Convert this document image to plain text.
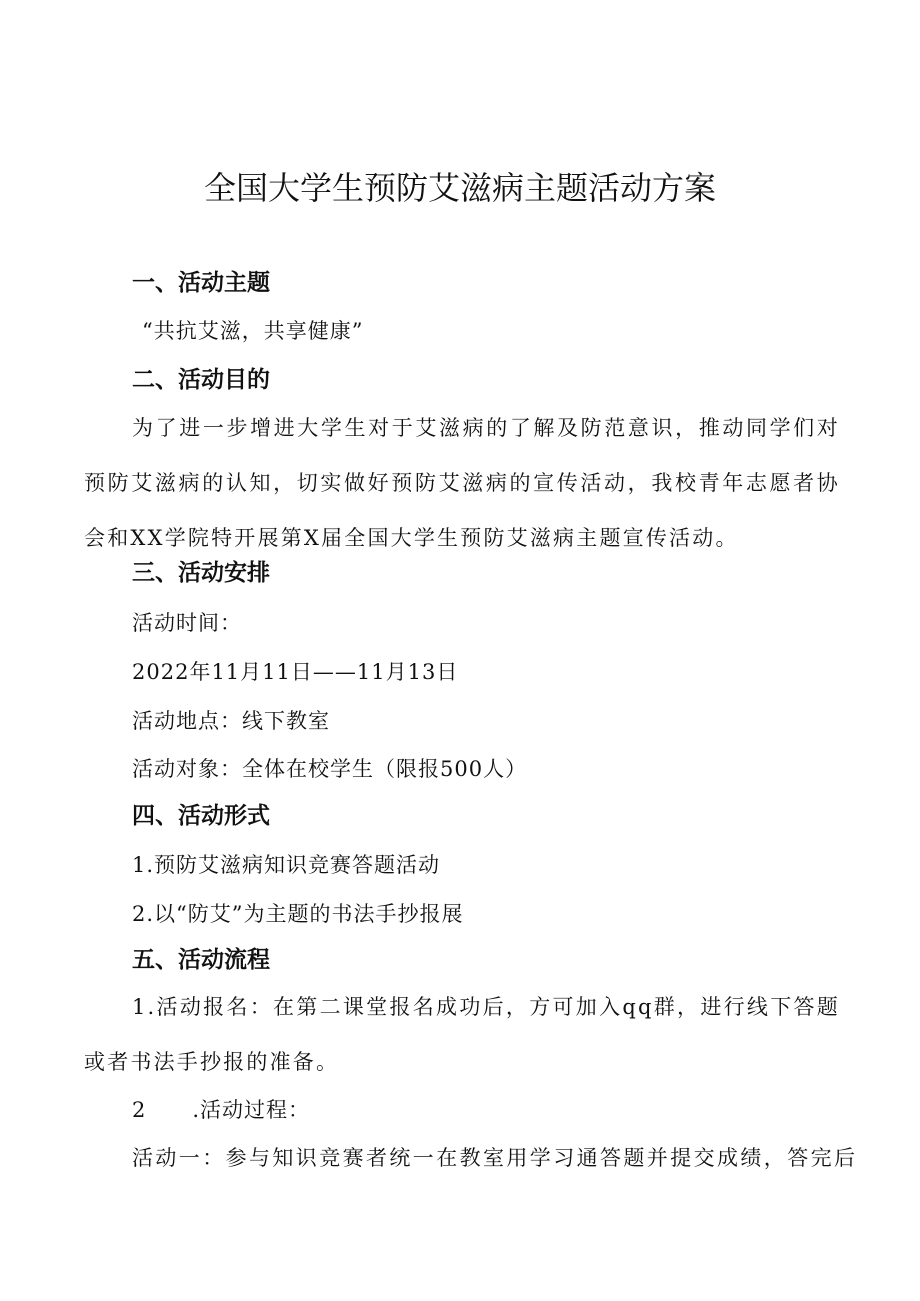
全国大学生预防艾滋病主题活动方案
一、活动主题

“共抗艾滋，共享健康”

二、活动目的

为了进一步增进大学生对于艾滋病的了解及防范意识，推动同学们对预防艾滋病的认知，切实做好预防艾滋病的宣传活动，我校青年志愿者协会和XX学院特开展第X届全国大学生预防艾滋病主题宣传活动。

三、活动安排

活动时间：

2022年11月11日——11月13日

活动地点：线下教室

活动对象：全体在校学生（限报500人）

四、活动形式

1.预防艾滋病知识竞赛答题活动

2.以“防艾”为主题的书法手抄报展

五、活动流程

1.活动报名：在第二课堂报名成功后，方可加入qq群，进行线下答题或者书法手抄报的准备。

2 .活动过程：

活动一：参与知识竞赛者统一在教室用学习通答题并提交成绩，答完后
